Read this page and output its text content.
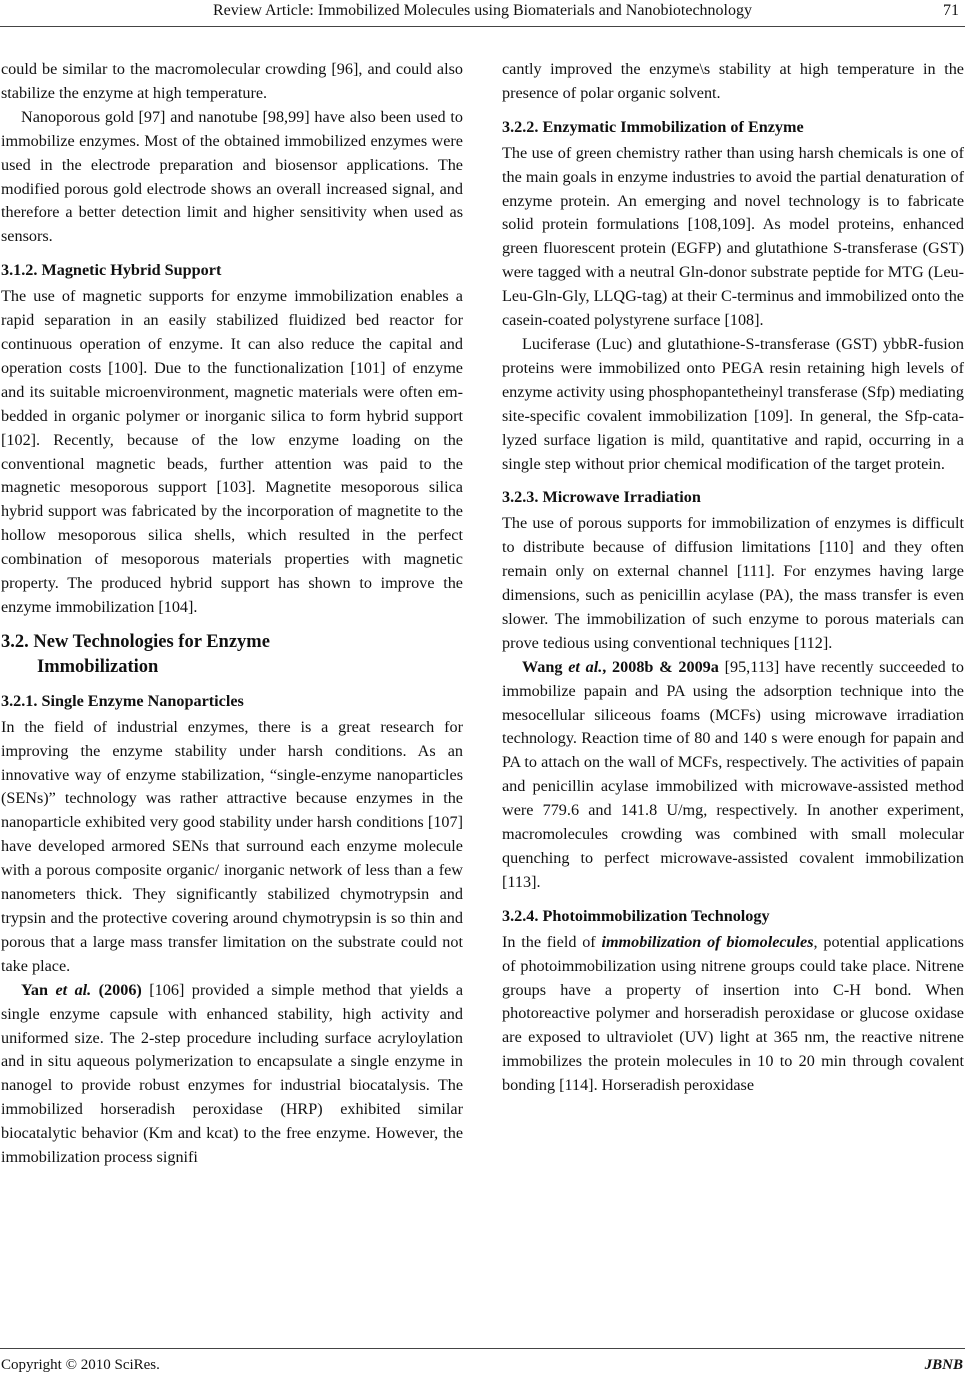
Review Article: Immobilized Molecules using Biomaterials and Nanobiotechnology	71

could be similar to the macromolecular crowding [96], and could also stabilize the enzyme at high temperature.

Nanoporous gold [97] and nanotube [98,99] have also been used to immobilize enzymes. Most of the obtained immobilized enzymes were used in the electrode preparation and biosensor applications. The modified porous gold electrode shows an overall increased signal, and therefore a better detection limit and higher sensitivity when used as sensors.

3.1.2. Magnetic Hybrid Support

The use of magnetic supports for enzyme immobilization enables a rapid separation in an easily stabilized fluidized bed reactor for continuous operation of enzyme. It can also reduce the capital and operation costs [100]. Due to the functionalization [101] of enzyme and its suitable microenvironment, magnetic materials were often embedded in organic polymer or inorganic silica to form hybrid support [102]. Recently, because of the low enzyme loading on the conventional magnetic beads, further attention was paid to the magnetic mesoporous support [103]. Magnetite mesoporous silica hybrid support was fabricated by the incorporation of magnetite to the hollow mesoporous silica shells, which resulted in the perfect combination of mesoporous materials properties with magnetic property. The produced hybrid support has shown to improve the enzyme immobilization [104].

3.2. New Technologies for Enzyme
Immobilization
3.2.1. Single Enzyme Nanoparticles

In the field of industrial enzymes, there is a great research for improving the enzyme stability under harsh conditions. As an innovative way of enzyme stabilization, “single-enzyme nanoparticles (SENs)” technology was rather attractive because enzymes in the nanoparticle exhibited very good stability under harsh conditions [107] have developed armored SENs that surround each enzyme molecule with a porous composite organic/ inorganic network of less than a few nanometers thick. They significantly stabilized chymotrypsin and trypsin and the protective covering around chymotrypsin is so thin and porous that a large mass transfer limitation on the substrate could not take place.

Yan et al. (2006) [106] provided a simple method that yields a single enzyme capsule with enhanced stability, high activity and uniformed size. The 2-step procedure including surface acryloylation and in situ aqueous polymerization to encapsulate a single enzyme in nanogel to provide robust enzymes for industrial biocatalysis. The immobilized horseradish peroxidase (HRP) exhibited similar biocatalytic behavior (Km and kcat) to the free enzyme. However, the immobilization process signifi

cantly improved the enzyme\s stability at high temperature in the presence of polar organic solvent.

3.2.2. Enzymatic Immobilization of Enzyme

The use of green chemistry rather than using harsh chemicals is one of the main goals in enzyme industries to avoid the partial denaturation of enzyme protein. An emerging and novel technology is to fabricate solid protein formulations [108,109]. As model proteins, enhanced green fluorescent protein (EGFP) and glutathione S-transferase (GST) were tagged with a neutral Gln-donor substrate peptide for MTG (Leu-Leu-Gln-Gly, LLQG-tag) at their C-terminus and immobilized onto the casein-coated polystyrene surface [108].

Luciferase (Luc) and glutathione-S-transferase (GST) ybbR-fusion proteins were immobilized onto PEGA resin retaining high levels of enzyme activity using phosphopantetheinyl transferase (Sfp) mediating site-specific covalent immobilization [109]. In general, the Sfp-catalyzed surface ligation is mild, quantitative and rapid, occurring in a single step without prior chemical modification of the target protein.

3.2.3. Microwave Irradiation

The use of porous supports for immobilization of enzymes is difficult to distribute because of diffusion limitations [110] and they often remain only on external channel [111]. For enzymes having large dimensions, such as penicillin acylase (PA), the mass transfer is even slower. The immobilization of such enzyme to porous materials can prove tedious using conventional techniques [112].

Wang et al., 2008b & 2009a [95,113] have recently succeeded to immobilize papain and PA using the adsorption technique into the mesocellular siliceous foams (MCFs) using microwave irradiation technology. Reaction time of 80 and 140 s were enough for papain and PA to attach on the wall of MCFs, respectively. The activities of papain and penicillin acylase immobilized with microwave-assisted method were 779.6 and 141.8 U/mg, respectively. In another experiment, macromolecules crowding was combined with small molecular quenching to perfect microwave-assisted covalent immobilization [113].

3.2.4. Photoimmobilization Technology

In the field of immobilization of biomolecules, potential applications of photoimmobilization using nitrene groups could take place. Nitrene groups have a property of insertion into C-H bond. When photoreactive polymer and horseradish peroxidase or glucose oxidase are exposed to ultraviolet (UV) light at 365 nm, the reactive nitrene immobilizes the protein molecules in 10 to 20 min through covalent bonding [114]. Horseradish peroxidase

Copyright © 2010 SciRes.	JBNB
